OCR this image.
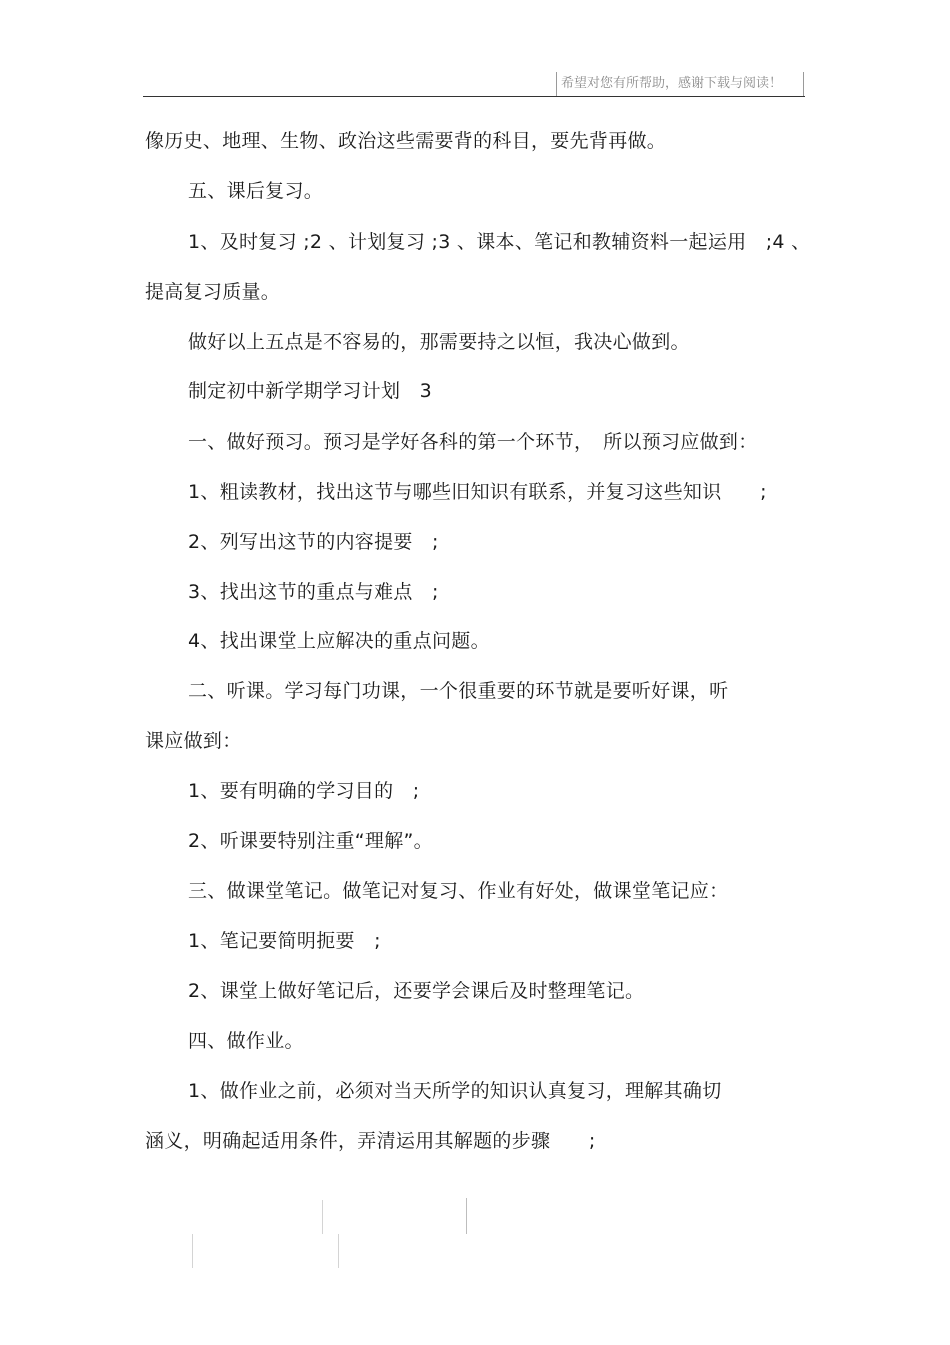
希望对您有所帮助，感谢下载与阅读！
像历史、地理、生物、政治这些需要背的科目，要先背再做。
五、课后复习。
1、及时复习 ;2 、计划复习 ;3 、课本、笔记和教辅资料一起运用　;4 、
提高复习质量。
做好以上五点是不容易的，那需要持之以恒，我决心做到。
制定初中新学期学习计划　3
一、做好预习。预习是学好各科的第一个环节，　所以预习应做到：
1、粗读教材，找出这节与哪些旧知识有联系，并复习这些知识　　;
2、列写出这节的内容提要　;
3、找出这节的重点与难点　;
4、找出课堂上应解决的重点问题。
二、听课。学习每门功课，一个很重要的环节就是要听好课，听
课应做到：
1、要有明确的学习目的　;
2、听课要特别注重“理解”。
三、做课堂笔记。做笔记对复习、作业有好处，做课堂笔记应：
1、笔记要简明扼要　;
2、课堂上做好笔记后，还要学会课后及时整理笔记。
四、做作业。
1、做作业之前，必须对当天所学的知识认真复习，理解其确切
涵义，明确起适用条件，弄清运用其解题的步骤　　;
